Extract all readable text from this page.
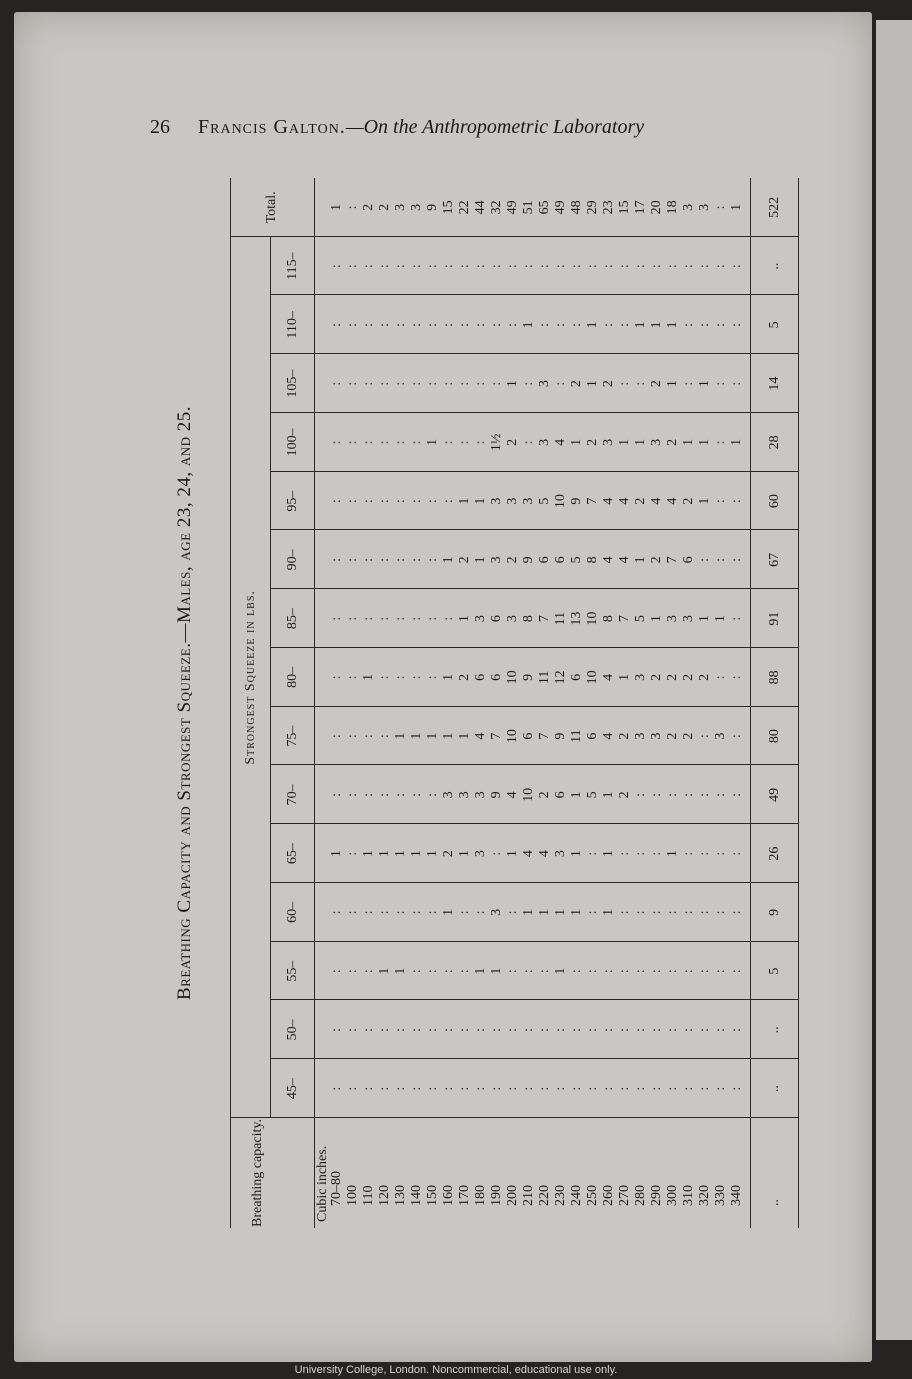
26 Francis Galton.—On the Anthropometric Laboratory
Breathing Capacity and Strongest Squeeze.—Males, age 23, 24, and 25.
Breathing capacity.
Strongest Squeeze in lbs.
45–
50–
55–
60–
65–
70–
75–
80–
85–
90–
95–
100–
105–
110–
115–
Total.
Cubic inches. 70–80
:
:
:
:
1
:
:
:
:
:
:
:
:
:
:
1
100
:
:
:
:
:
:
:
:
:
:
:
:
:
:
:
:
110
:
:
:
:
1
:
:
1
:
:
:
:
:
:
:
2
120
:
:
1
:
1
:
:
:
:
:
:
:
:
:
:
2
130
:
:
1
:
1
:
1
:
:
:
:
:
:
:
:
3
140
:
:
:
:
1
:
1
:
:
:
:
:
:
:
:
3
150
:
:
:
:
1
:
1
:
:
:
:
1
:
:
:
9
160
:
:
:
1
2
3
1
1
:
1
:
:
:
:
:
15
170
:
:
:
:
1
3
1
2
1
2
1
:
:
:
:
22
180
:
:
1
:
3
3
4
6
3
1
1
:
:
:
:
44
190
:
:
1
3
:
9
7
6
6
3
3
1½
:
:
:
32
200
:
:
:
:
1
4
10
10
3
2
3
2
1
:
:
49
210
:
:
:
1
4
10
6
9
8
9
3
:
:
1
:
51
220
:
:
:
1
4
2
7
11
7
6
5
3
3
:
:
65
230
:
:
1
1
3
6
9
12
11
6
10
4
:
:
:
49
240
:
:
:
1
1
1
11
6
13
5
9
1
2
:
:
48
250
:
:
:
:
:
5
6
10
10
8
7
2
1
1
:
29
260
:
:
:
1
1
1
4
4
8
4
4
3
2
:
:
23
270
:
:
:
:
:
2
2
1
7
4
4
1
:
:
:
15
280
:
:
:
:
:
:
3
3
5
1
2
1
:
1
:
17
290
:
:
:
:
:
:
3
2
1
2
4
3
2
1
:
20
300
:
:
:
:
1
:
2
2
3
7
4
2
1
1
:
18
310
:
:
:
:
:
:
2
2
3
6
2
1
:
:
:
3
320
:
:
:
:
:
:
:
2
1
:
1
1
1
:
:
3
330
:
:
:
:
:
:
3
:
1
:
:
:
:
:
:
:
340
:
:
:
:
:
:
:
:
:
:
:
1
:
:
:
1
..
..
..
5
9
26
49
80
88
91
67
60
28
14
5
..
522
University College, London. Noncommercial, educational use only.
